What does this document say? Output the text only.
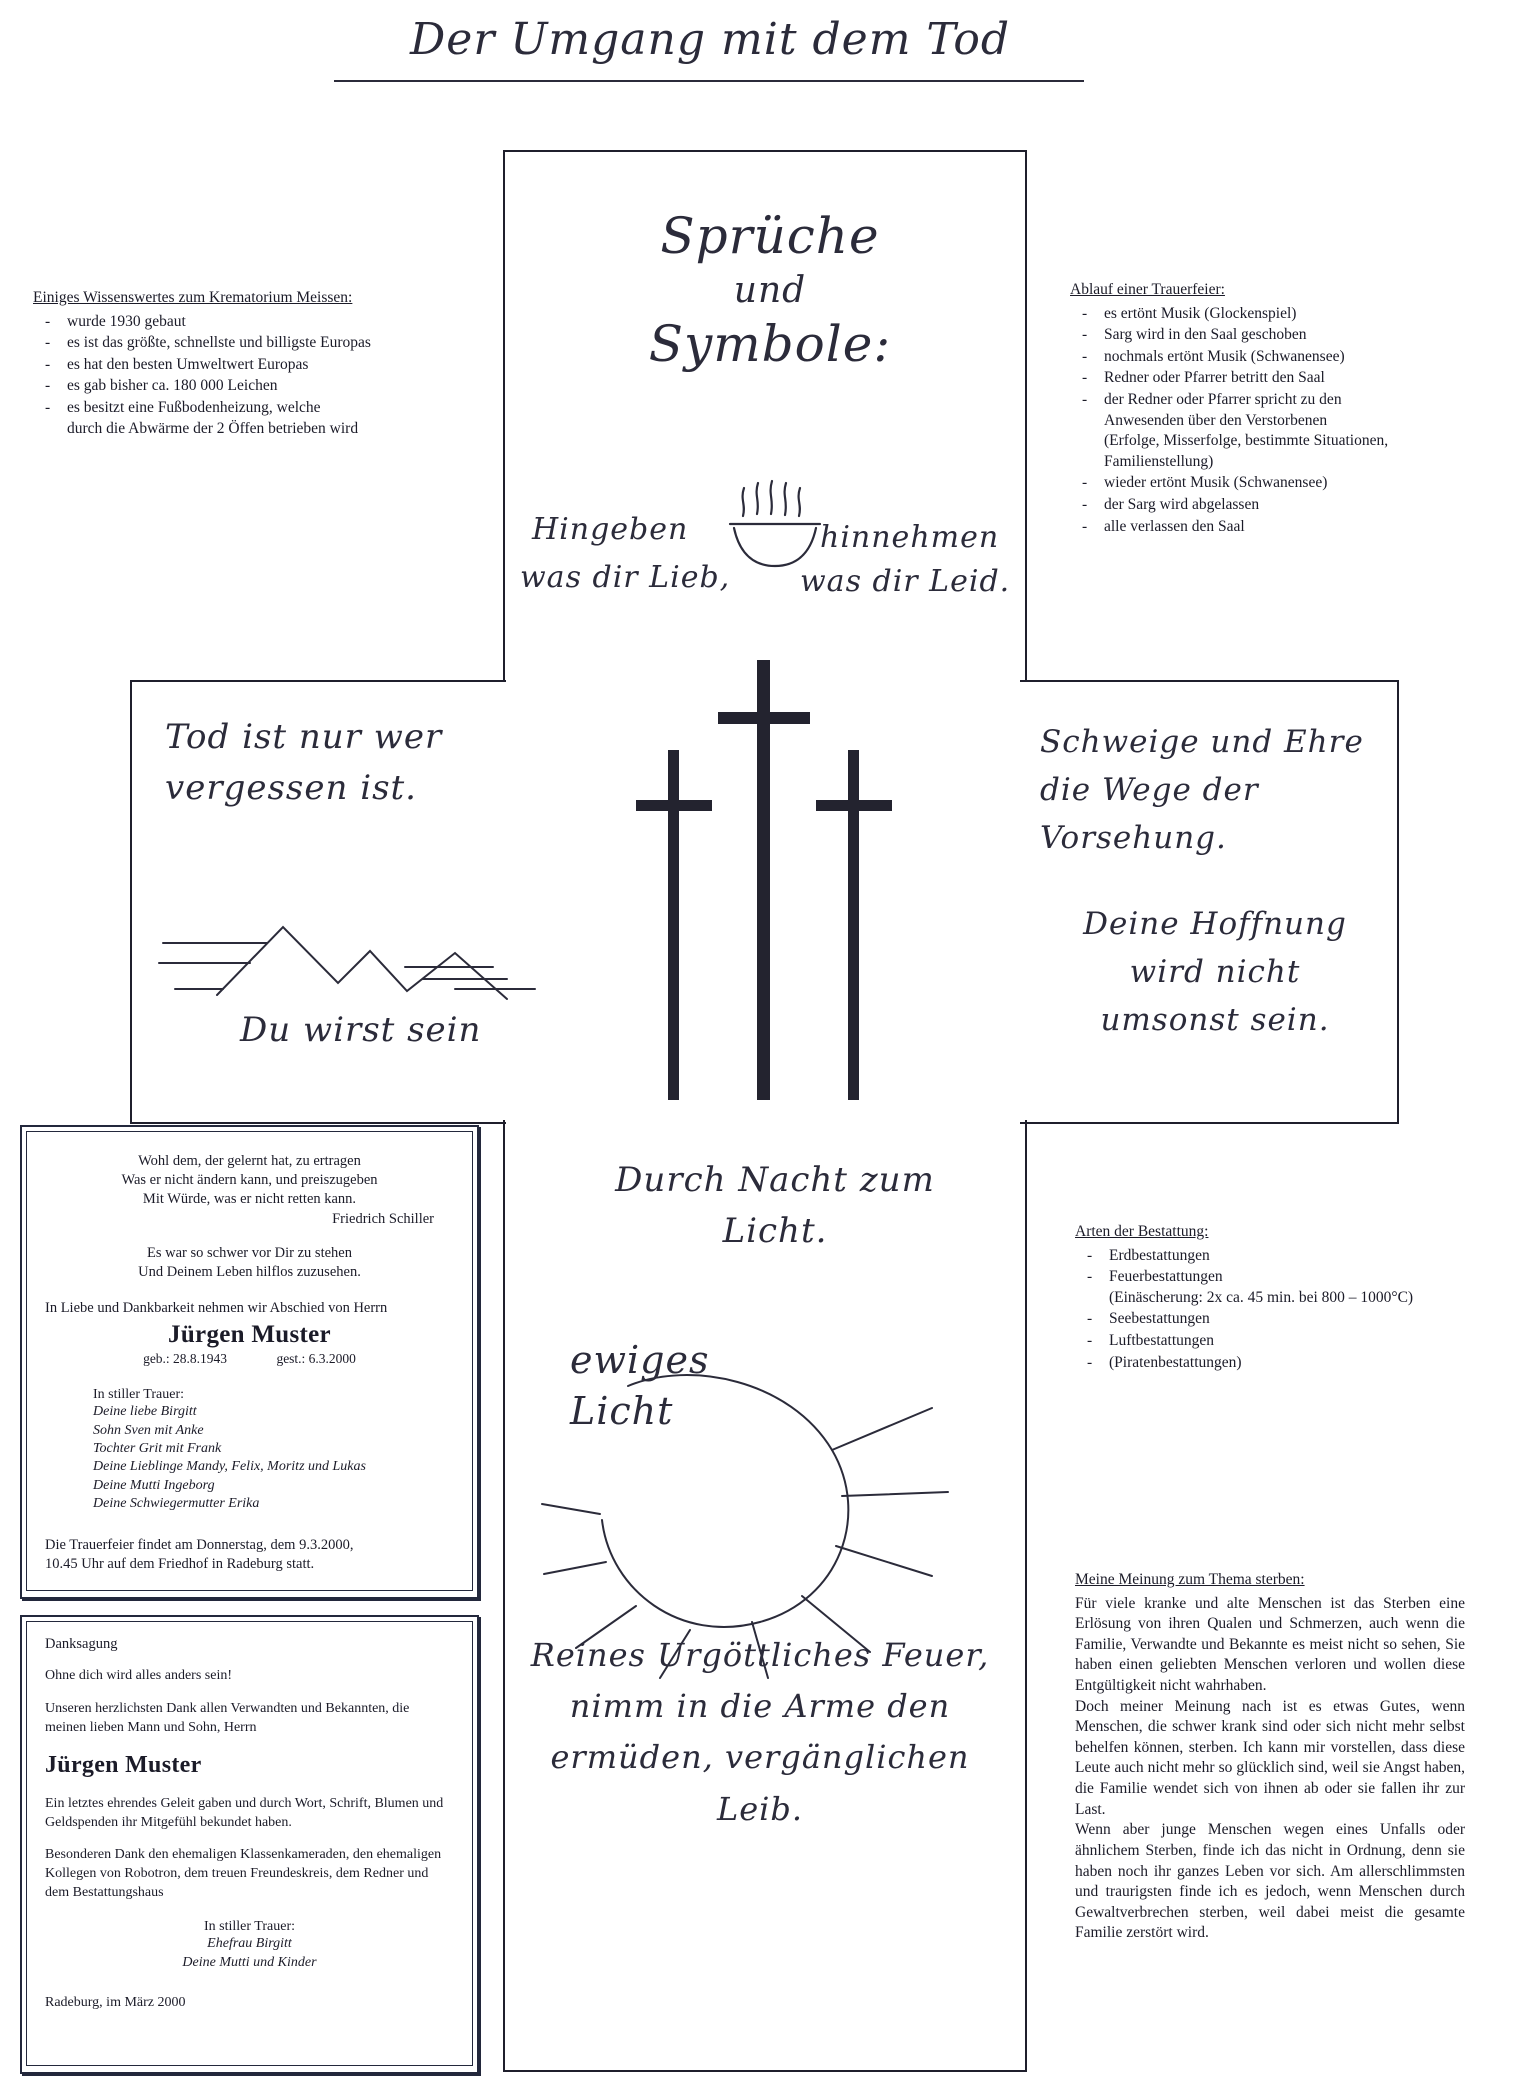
Der Umgang mit dem Tod
Sprüche
und
Symbole:
Hingeben	hinnehmen
was dir Lieb, was dir Leid.
Tod ist nur wer vergessen ist.
Du wirst sein
Schweige und Ehre die Wege der Vorsehung.
Deine Hoffnung wird nicht umsonst sein.
Durch Nacht zum Licht.
ewiges
Licht
Reines Urgöttliches Feuer, nimm in die Arme den ermüden, vergänglichen Leib.
Einiges Wissenswertes zum Krematorium Meissen:
- wurde 1930 gebaut
- es ist das größte, schnellste und billigste Europas
- es hat den besten Umweltwert Europas
- es gab bisher ca. 180 000 Leichen
- es besitzt eine Fußbodenheizung, welche
durch die Abwärme der 2 Öffen betrieben wird
Ablauf einer Trauerfeier:
- es ertönt Musik (Glockenspiel)
- Sarg wird in den Saal geschoben
- nochmals ertönt Musik (Schwanensee)
- Redner oder Pfarrer betritt den Saal
- der Redner oder Pfarrer spricht zu den
Anwesenden über den Verstorbenen
(Erfolge, Misserfolge, bestimmte Situationen,
Familienstellung)
- wieder ertönt Musik (Schwanensee)
- der Sarg wird abgelassen
- alle verlassen den Saal
Arten der Bestattung:
- Erdbestattungen
- Feuerbestattungen
(Einäscherung: 2x ca. 45 min. bei 800 – 1000°C)
- Seebestattungen
- Luftbestattungen
- (Piratenbestattungen)
Meine Meinung zum Thema sterben:

Für viele kranke und alte Menschen ist das Sterben eine Erlösung von ihren Qualen und Schmerzen, auch wenn die Familie, Verwandte und Bekannte es meist nicht so sehen, Sie haben einen geliebten Menschen verloren und wollen diese Entgültigkeit nicht wahrhaben.

Doch meiner Meinung nach ist es etwas Gutes, wenn Menschen, die schwer krank sind oder sich nicht mehr selbst behelfen können, sterben. Ich kann mir vorstellen, dass diese Leute auch nicht mehr so glücklich sind, weil sie Angst haben, die Familie wendet sich von ihnen ab oder sie fallen ihr zur Last.

Wenn aber junge Menschen wegen eines Unfalls oder ähnlichem Sterben, finde ich das nicht in Ordnung, denn sie haben noch ihr ganzes Leben vor sich. Am allerschlimmsten und traurigsten finde ich es jedoch, wenn Menschen durch Gewaltverbrechen sterben, weil dabei meist die gesamte Familie zerstört wird.

Wohl dem, der gelernt hat, zu ertragen
Was er nicht ändern kann, und preiszugeben
Mit Würde, was er nicht retten kann.
Friedrich Schiller
Es war so schwer vor Dir zu stehen
Und Deinem Leben hilflos zuzusehen.
In Liebe und Dankbarkeit nehmen wir Abschied von Herrn
Jürgen Muster
geb.: 28.8.1943	gest.: 6.3.2000
In stiller Trauer:
Deine liebe Birgitt
Sohn Sven mit Anke
Tochter Grit mit Frank
Deine Lieblinge Mandy, Felix, Moritz und Lukas
Deine Mutti Ingeborg
Deine Schwiegermutter Erika
Die Trauerfeier findet am Donnerstag, dem 9.3.2000,
10.45 Uhr auf dem Friedhof in Radeburg statt.
Danksagung

Ohne dich wird alles anders sein!

Unseren herzlichsten Dank allen Verwandten und Bekannten, die meinen lieben Mann und Sohn, Herrn

Jürgen Muster

Ein letztes ehrendes Geleit gaben und durch Wort, Schrift, Blumen und Geldspenden ihr Mitgefühl bekundet haben.

Besonderen Dank den ehemaligen Klassenkameraden, den ehemaligen Kollegen von Robotron, dem treuen Freundeskreis, dem Redner und dem Bestattungshaus

In stiller Trauer:
Ehefrau Birgitt
Deine Mutti und Kinder
Radeburg, im März 2000
